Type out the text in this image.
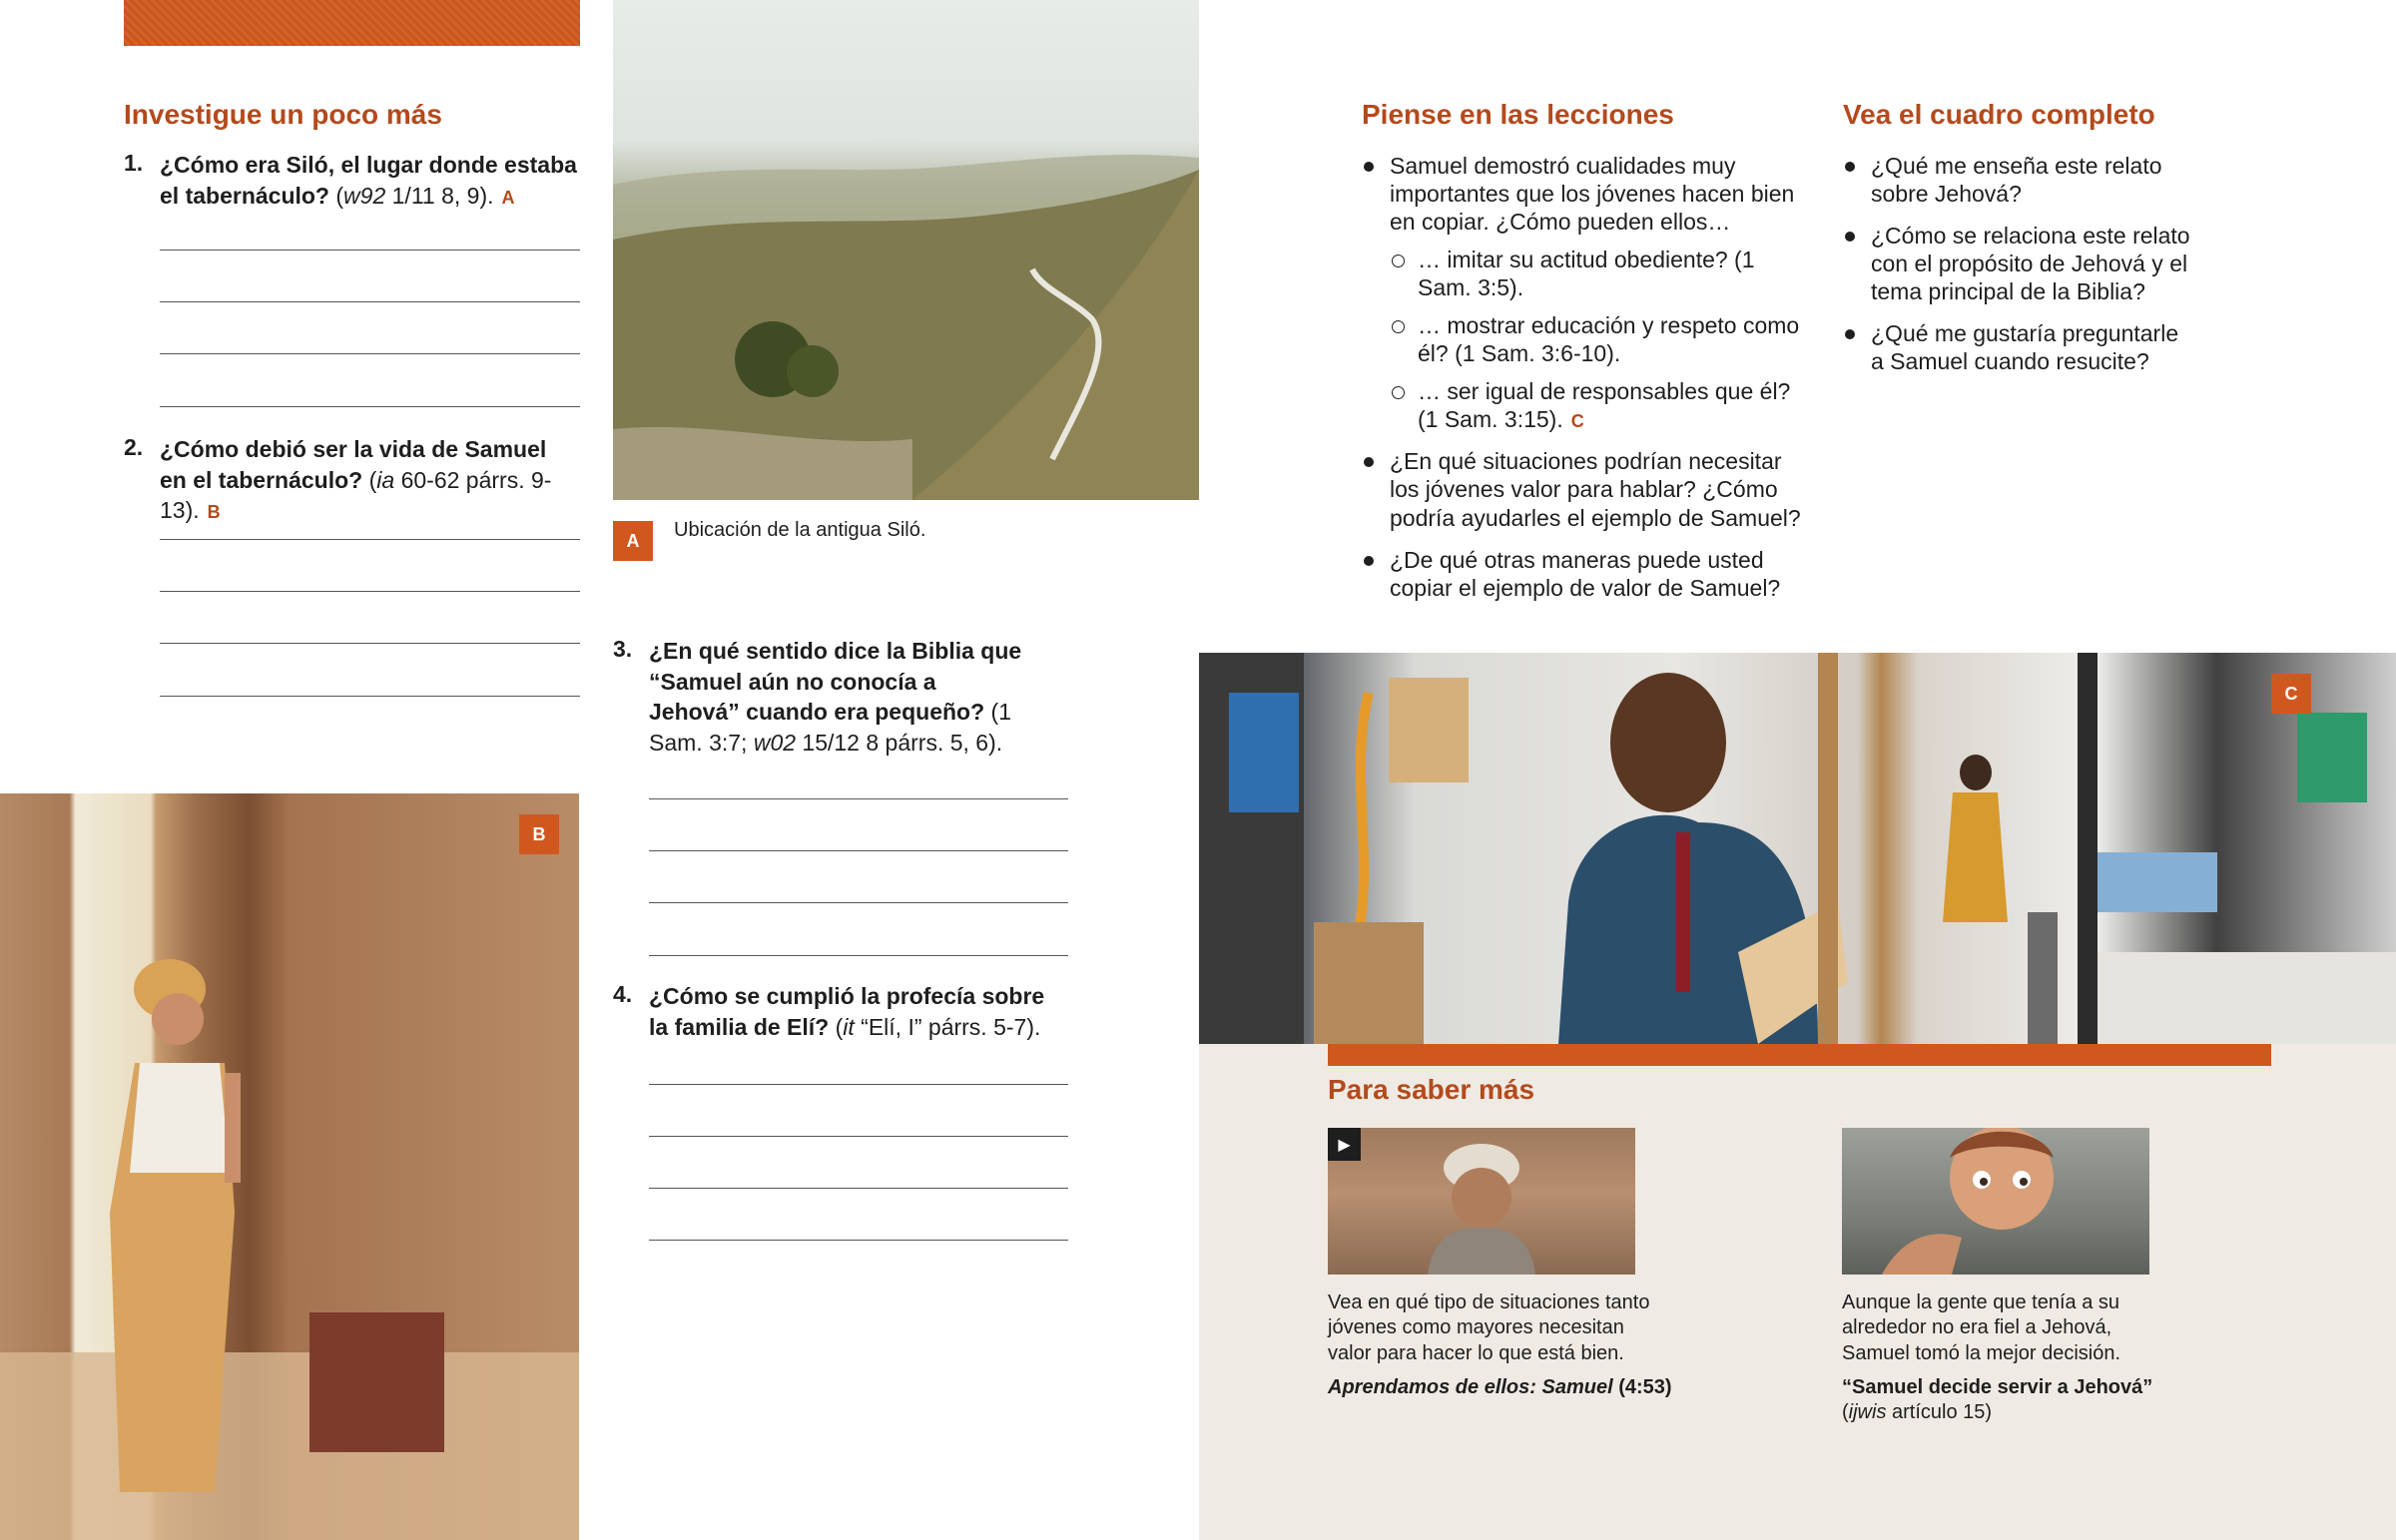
Investigue un poco más
1. ¿Cómo era Siló, el lugar donde estaba el tabernáculo? (w92 1/11 8, 9). A
2. ¿Cómo debió ser la vida de Samuel en el tabernáculo? (ia 60-62 párrs. 9-13). B
A	Ubicación de la antigua Siló.
3. ¿En qué sentido dice la Biblia que “Samuel aún no conocía a Jehová” cuando era pequeño? (1 Sam. 3:7; w02 15/12 8 párrs. 5, 6).
4. ¿Cómo se cumplió la profecía sobre la familia de Elí? (it “Elí, I” párrs. 5-7).
B
Piense en las lecciones
Samuel demostró cualidades muy importantes que los jóvenes hacen bien en copiar. ¿Cómo pueden ellos…
… imitar su actitud obediente? (1 Sam. 3:5).
… mostrar educación y respeto como él? (1 Sam. 3:6-10).
… ser igual de responsables que él? (1 Sam. 3:15). C
¿En qué situaciones podrían necesitar los jóvenes valor para hablar? ¿Cómo podría ayudarles el ejemplo de Samuel?
¿De qué otras maneras puede usted copiar el ejemplo de valor de Samuel?
Vea el cuadro completo
¿Qué me enseña este relato sobre Jehová?
¿Cómo se relaciona este relato con el propósito de Jehová y el tema principal de la Biblia?
¿Qué me gustaría preguntarle a Samuel cuando resucite?
C
Para saber más
▶
Vea en qué tipo de situaciones tanto jóvenes como mayores necesitan valor para hacer lo que está bien.
Aprendamos de ellos: Samuel (4:53)
Aunque la gente que tenía a su alrededor no era fiel a Jehová, Samuel tomó la mejor decisión.
“Samuel decide servir a Jehová”
(ijwis artículo 15)
